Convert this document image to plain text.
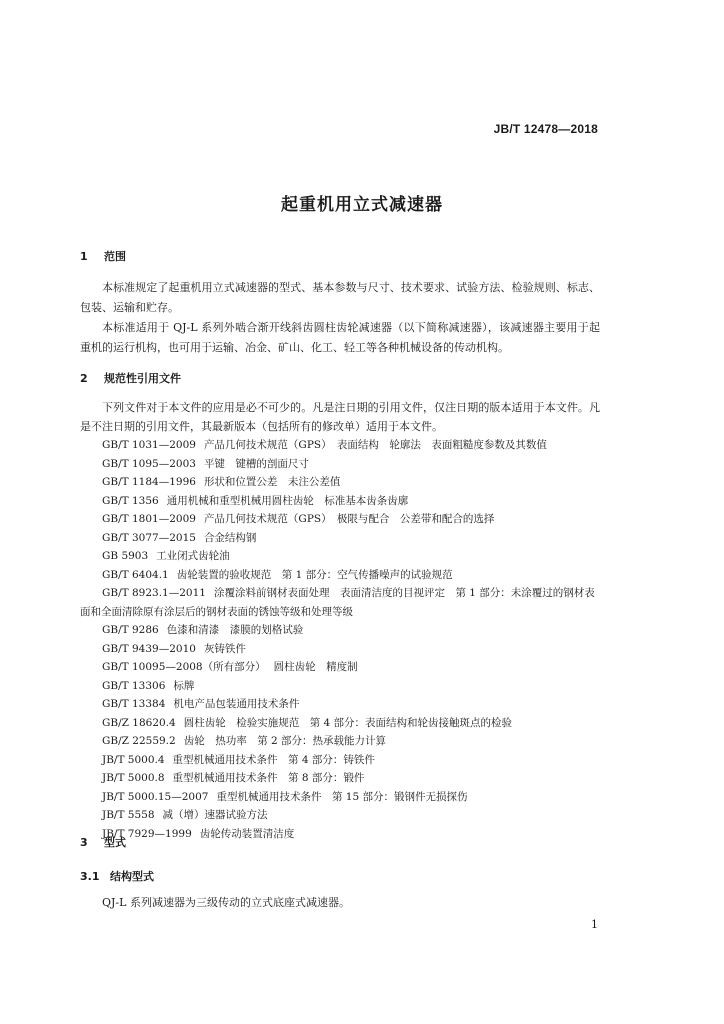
JB/T 12478—2018
起重机用立式减速器
1 范围

本标准规定了起重机用立式减速器的型式、基本参数与尺寸、技术要求、试验方法、检验规则、标志、包装、运输和贮存。

本标准适用于 QJ-L 系列外啮合渐开线斜齿圆柱齿轮减速器（以下简称减速器），该减速器主要用于起重机的运行机构，也可用于运输、冶金、矿山、化工、轻工等各种机械设备的传动机构。

2 规范性引用文件

下列文件对于本文件的应用是必不可少的。凡是注日期的引用文件，仅注日期的版本适用于本文件。凡是不注日期的引用文件，其最新版本（包括所有的修改单）适用于本文件。

GB/T 1031—2009 产品几何技术规范（GPS）　表面结构　轮廓法　表面粗糙度参数及其数值
GB/T 1095—2003 平键　键槽的剖面尺寸
GB/T 1184—1996 形状和位置公差　未注公差值
GB/T 1356 通用机械和重型机械用圆柱齿轮　标准基本齿条齿廓
GB/T 1801—2009 产品几何技术规范（GPS）　极限与配合　公差带和配合的选择
GB/T 3077—2015 合金结构钢
GB 5903 工业闭式齿轮油
GB/T 6404.1 齿轮装置的验收规范　第 1 部分：空气传播噪声的试验规范
GB/T 8923.1—2011 涂覆涂料前钢材表面处理　表面清洁度的目视评定　第 1 部分：未涂覆过的钢材表面和全面清除原有涂层后的钢材表面的锈蚀等级和处理等级
GB/T 9286 色漆和清漆　漆膜的划格试验
GB/T 9439—2010 灰铸铁件
GB/T 10095—2008（所有部分） 圆柱齿轮　精度制
GB/T 13306 标牌
GB/T 13384 机电产品包装通用技术条件
GB/Z 18620.4 圆柱齿轮　检验实施规范　第 4 部分：表面结构和轮齿接触斑点的检验
GB/Z 22559.2 齿轮　热功率　第 2 部分：热承载能力计算
JB/T 5000.4 重型机械通用技术条件　第 4 部分：铸铁件
JB/T 5000.8 重型机械通用技术条件　第 8 部分：锻件
JB/T 5000.15—2007 重型机械通用技术条件　第 15 部分：锻钢件无损探伤
JB/T 5558 减（增）速器试验方法
JB/T 7929—1999 齿轮传动装置清洁度
3 型式
3.1 结构型式

QJ-L 系列减速器为三级传动的立式底座式减速器。

1
